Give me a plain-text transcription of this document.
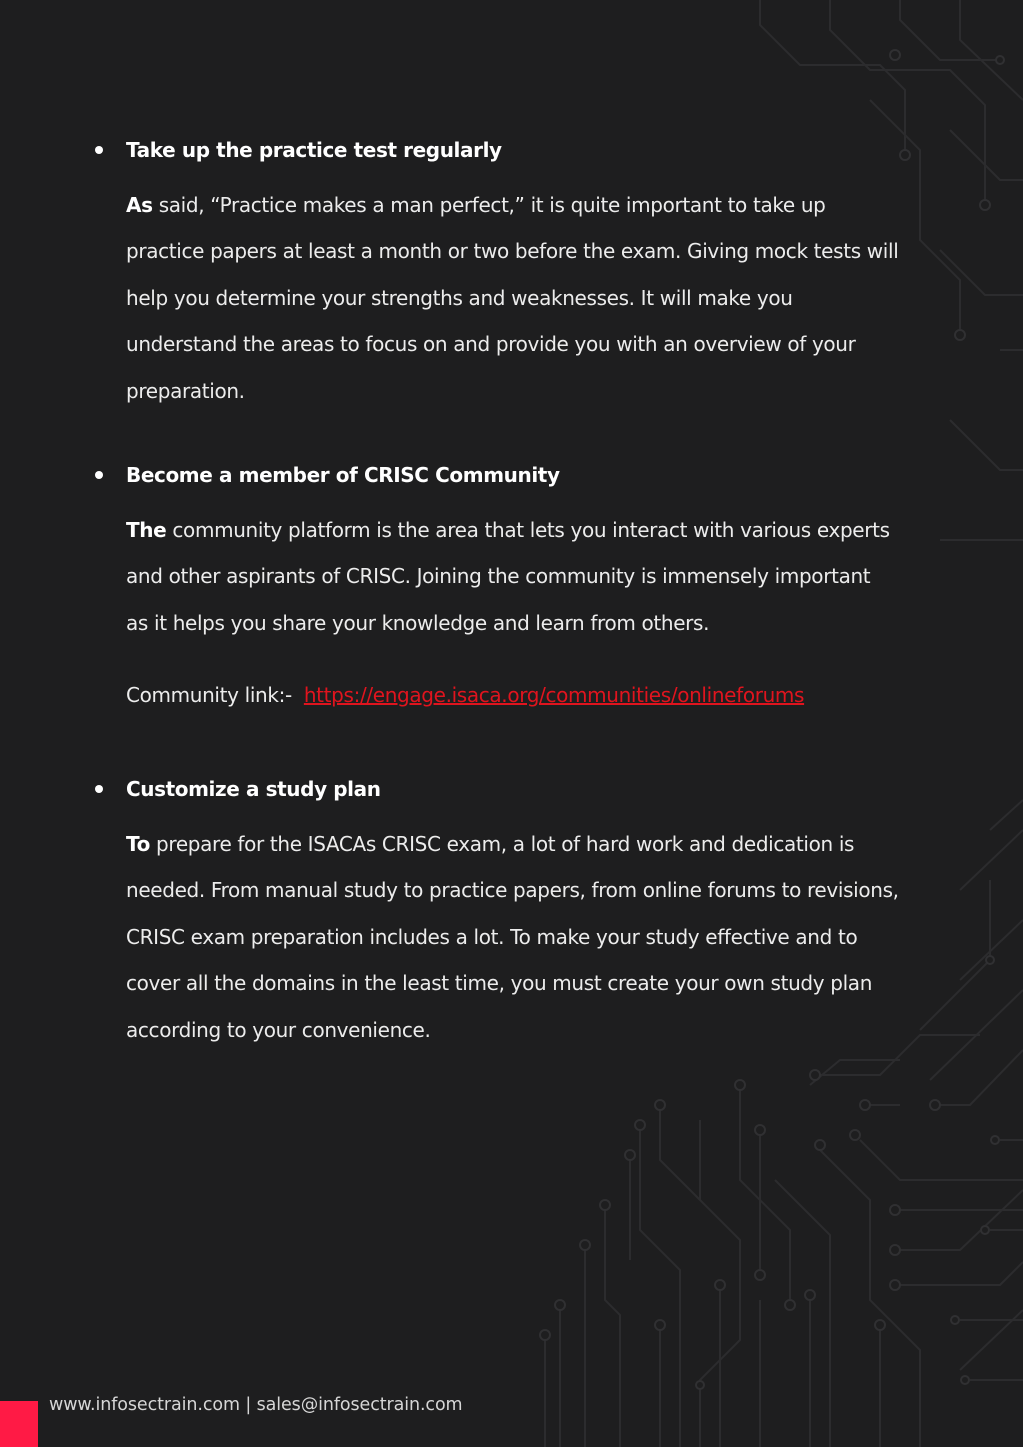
Take up the practice test regularly
As said, “Practice makes a man perfect,” it is quite important to take up
practice papers at least a month or two before the exam. Giving mock tests will
help you determine your strengths and weaknesses. It will make you
understand the areas to focus on and provide you with an overview of your
preparation.
Become a member of CRISC Community
The community platform is the area that lets you interact with various experts
and other aspirants of CRISC. Joining the community is immensely important
as it helps you share your knowledge and learn from others.
Community link:- https://engage.isaca.org/communities/onlineforums
Customize a study plan
To prepare for the ISACAs CRISC exam, a lot of hard work and dedication is
needed. From manual study to practice papers, from online forums to revisions,
CRISC exam preparation includes a lot. To make your study effective and to
cover all the domains in the least time, you must create your own study plan
according to your convenience.
www.infosectrain.com | sales@infosectrain.com
